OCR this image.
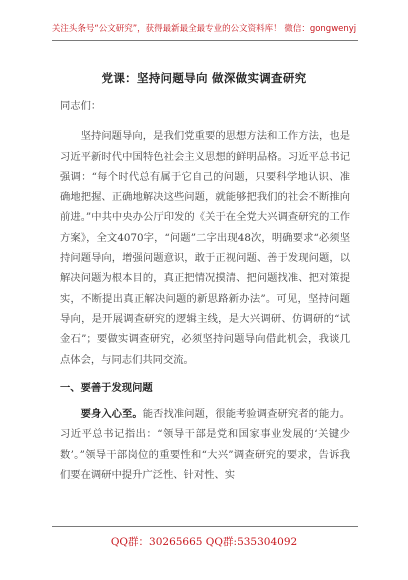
关注头条号“公文研究”，获得最新最全最专业的公文资料库！ 微信：gongwenyj
党课：坚持问题导向 做深做实调查研究

同志们：

坚持问题导向，是我们党重要的思想方法和工作方法，也是习近平新时代中国特色社会主义思想的鲜明品格。习近平总书记强调：“每个时代总有属于它自己的问题，只要科学地认识、准确地把握、正确地解决这些问题，就能够把我们的社会不断推向前进。”中共中央办公厅印发的《关于在全党大兴调查研究的工作方案》，全文4070字，“问题”二字出现48次，明确要求“必须坚持问题导向，增强问题意识，敢于正视问题、善于发现问题，以解决问题为根本目的，真正把情况摸清、把问题找准、把对策提实，不断提出真正解决问题的新思路新办法”。可见，坚持问题导向，是开展调查研究的逻辑主线，是大兴调研、仿调研的“试金石”；要做实调查研究，必须坚持问题导向借此机会，我谈几点体会，与同志们共同交流。

一、要善于发现问题

要身入心至。能否找准问题，很能考验调查研究者的能力。习近平总书记指出：“领导干部是党和国家事业发展的‘关键少数’。”领导干部岗位的重要性和“大兴”调查研究的要求，告诉我们要在调研中提升广泛性、针对性、实

QQ群：30265665 QQ群:535304092
